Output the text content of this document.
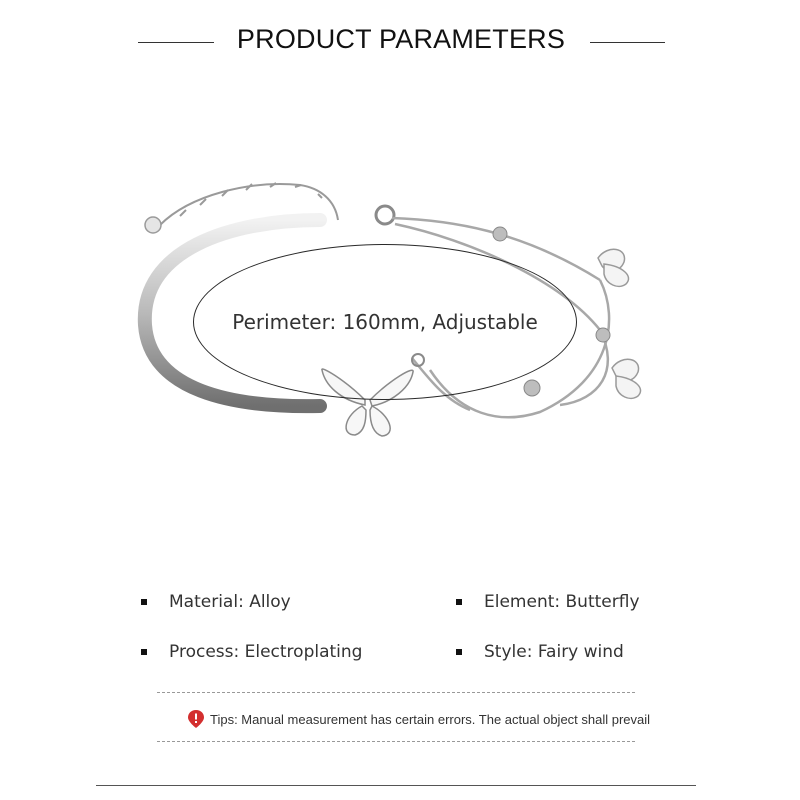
PRODUCT PARAMETERS
Perimeter: 160mm, Adjustable
Material: Alloy	Element: Butterfly
Process: Electroplating	Style: Fairy wind
Tips: Manual measurement has certain errors. The actual object shall prevail
